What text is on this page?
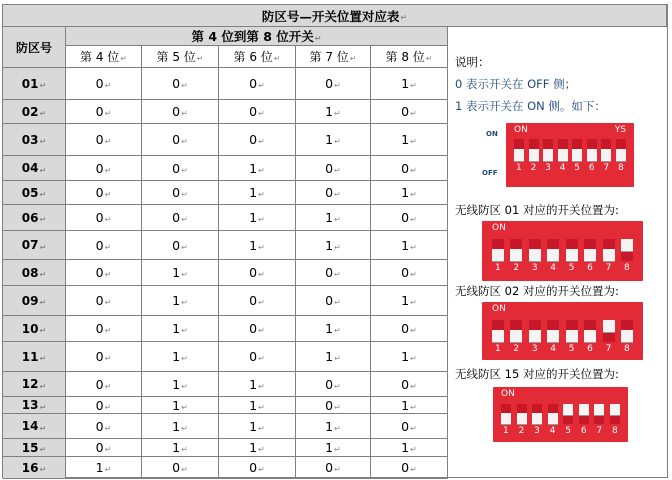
防区号—开关位置对应表 ↵
防区号
第 4 位到第 8 位开关 ↵
第 4 位 ↵ 第 5 位 ↵	第 6 位 ↵ 第 7 位 ↵ 第 8 位 ↵
01 ↵	0 ↵	0 ↵	0 ↵	0 ↵	1 ↵
02 ↵	0 ↵	0 ↵	0 ↵	1 ↵	0 ↵
03 ↵	0 ↵	0 ↵	0 ↵	1 ↵	1 ↵
04 ↵	0 ↵	0 ↵	1 ↵	0 ↵	0 ↵
05 ↵	0 ↵	0 ↵	1 ↵	0 ↵	1 ↵
06 ↵	0 ↵	0 ↵	1 ↵	1 ↵	0 ↵
07 ↵	0 ↵	0 ↵	1 ↵	1 ↵	1 ↵
08 ↵	0 ↵	1 ↵	0 ↵	0 ↵	0 ↵
09 ↵	0 ↵	1 ↵	0 ↵	0 ↵	1 ↵
10 ↵	0 ↵	1 ↵	0 ↵	1 ↵	0 ↵
11 ↵	0 ↵	1 ↵	0 ↵	1 ↵	1 ↵
12 ↵	0 ↵	1 ↵	1 ↵	0 ↵	0 ↵
13 ↵	0 ↵	1 ↵	1 ↵	0 ↵	1 ↵
14 ↵	0 ↵	1 ↵	1 ↵	1 ↵	0 ↵
15 ↵	0 ↵	1 ↵	1 ↵	1 ↵	1 ↵
16 ↵	1 ↵	0 ↵	0 ↵	0 ↵	0 ↵
说明：
0 表示开关在 OFF 侧；
1 表示开关在 ON 侧。如下：
ON
OFF
ON	YS
1 2 3 4 5 6 7 8
无线防区 01 对应的开关位置为:
ON
1 2 3 4 5 6 7 8
无线防区 02 对应的开关位置为:
ON
1 2 3 4 5 6 7 8
无线防区 15 对应的开关位置为:
ON
1 2 3 4 5 6 7 8
